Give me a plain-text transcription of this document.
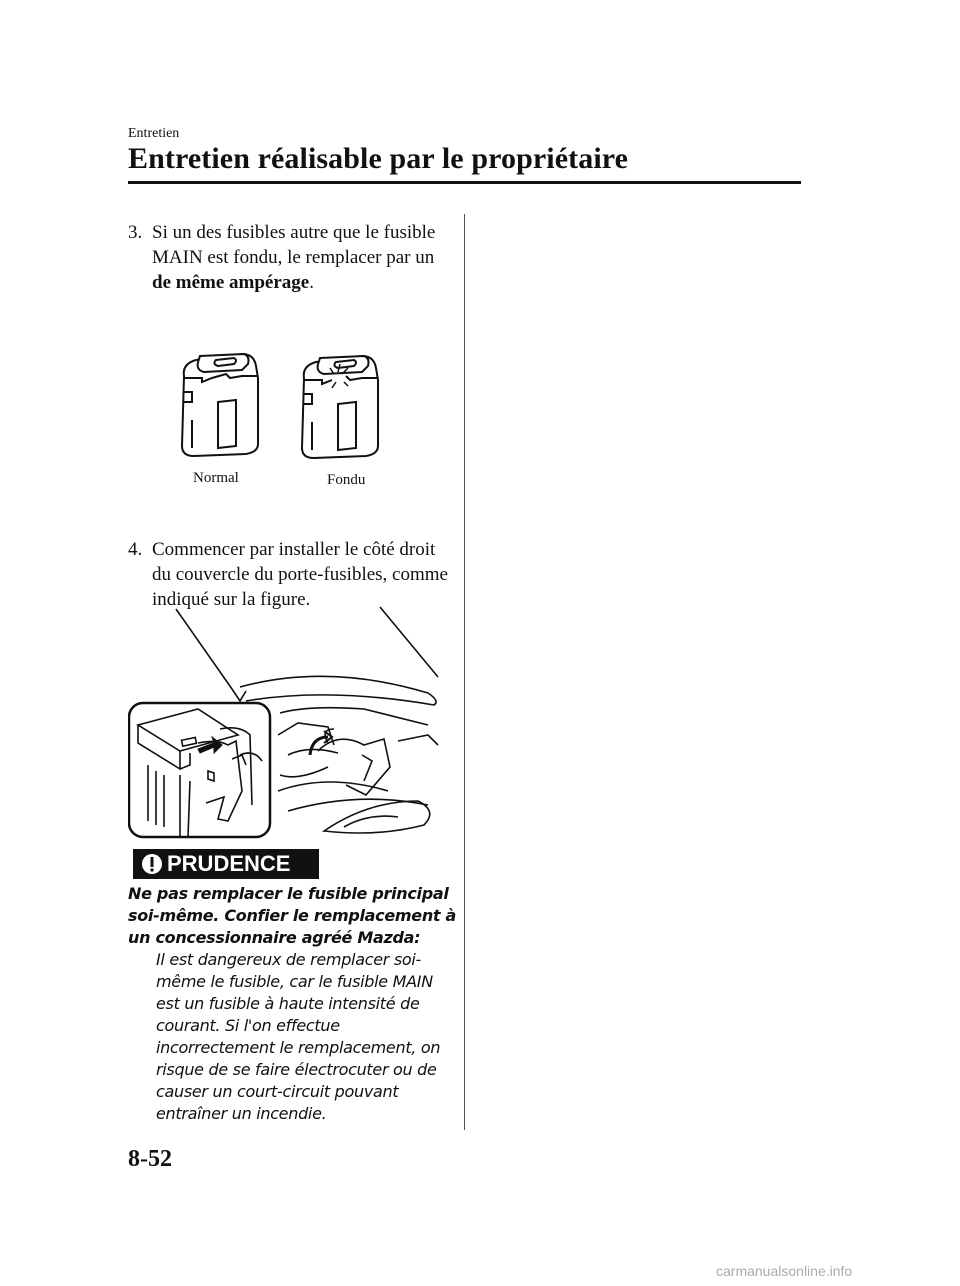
Entretien
Entretien réalisable par le propriétaire
3. Si un des fusibles autre que le fusible MAIN est fondu, le remplacer par un de même ampérage.
Normal	Fondu
4. Commencer par installer le côté droit du couvercle du porte-fusibles, comme indiqué sur la figure.
PRUDENCE
Ne pas remplacer le fusible principal soi-même. Confier le remplacement à un concessionnaire agréé Mazda:
Il est dangereux de remplacer soi-même le fusible, car le fusible MAIN est un fusible à haute intensité de courant. Si l'on effectue incorrectement le remplacement, on risque de se faire électrocuter ou de causer un court-circuit pouvant entraîner un incendie.
8-52
carmanualsonline.info
